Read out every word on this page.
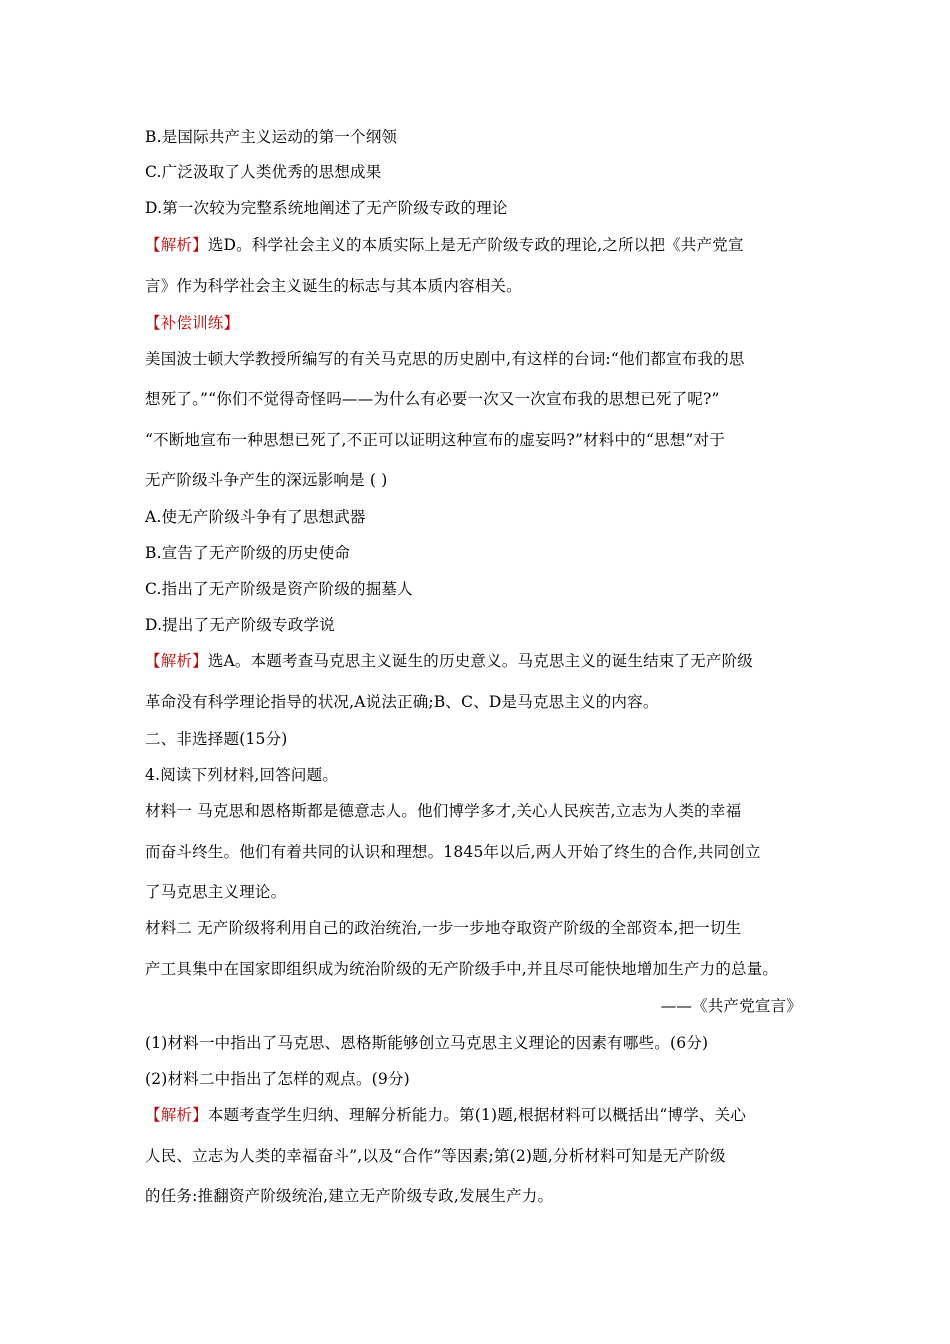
B.是国际共产主义运动的第一个纲领
C.广泛汲取了人类优秀的思想成果
D.第一次较为完整系统地阐述了无产阶级专政的理论
【解析】选D。科学社会主义的本质实际上是无产阶级专政的理论,之所以把《共产党宣
言》作为科学社会主义诞生的标志与其本质内容相关。
【补偿训练】
美国波士顿大学教授所编写的有关马克思的历史剧中,有这样的台词:“他们都宣布我的思
想死了。”“你们不觉得奇怪吗——为什么有必要一次又一次宣布我的思想已死了呢?”
“不断地宣布一种思想已死了,不正可以证明这种宣布的虚妄吗?”材料中的“思想”对于
无产阶级斗争产生的深远影响是 ( )
A.使无产阶级斗争有了思想武器
B.宣告了无产阶级的历史使命
C.指出了无产阶级是资产阶级的掘墓人
D.提出了无产阶级专政学说
【解析】选A。本题考查马克思主义诞生的历史意义。马克思主义的诞生结束了无产阶级
革命没有科学理论指导的状况,A说法正确;B、C、D是马克思主义的内容。
二、非选择题(15分)
4.阅读下列材料,回答问题。
材料一 马克思和恩格斯都是德意志人。他们博学多才,关心人民疾苦,立志为人类的幸福
而奋斗终生。他们有着共同的认识和理想。1845年以后,两人开始了终生的合作,共同创立
了马克思主义理论。
材料二 无产阶级将利用自己的政治统治,一步一步地夺取资产阶级的全部资本,把一切生
产工具集中在国家即组织成为统治阶级的无产阶级手中,并且尽可能快地增加生产力的总量。
——《共产党宣言》
(1)材料一中指出了马克思、恩格斯能够创立马克思主义理论的因素有哪些。(6分)
(2)材料二中指出了怎样的观点。(9分)
【解析】本题考查学生归纳、理解分析能力。第(1)题,根据材料可以概括出“博学、关心
人民、立志为人类的幸福奋斗”,以及“合作”等因素;第(2)题,分析材料可知是无产阶级
的任务:推翻资产阶级统治,建立无产阶级专政,发展生产力。
